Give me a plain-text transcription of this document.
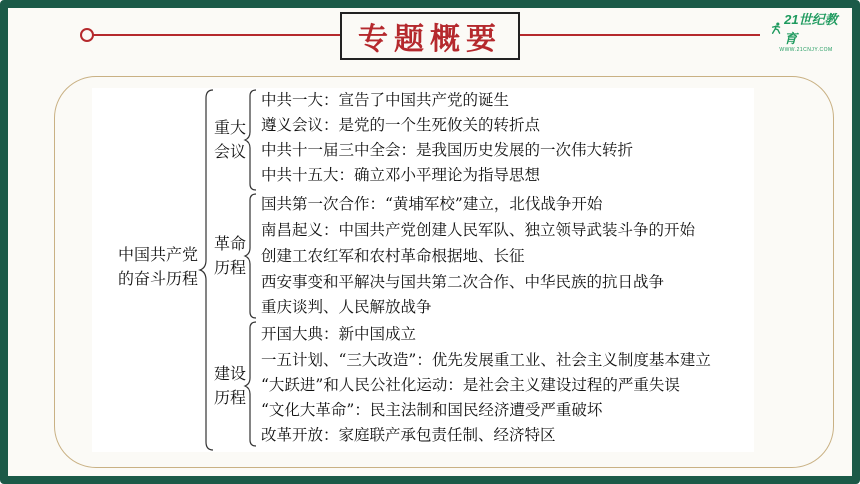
专题概要
21世纪教育
WWW.21CNJY.COM
中国共产党
的奋斗历程
重大
会议
中共一大：宣告了中国共产党的诞生
遵义会议：是党的一个生死攸关的转折点
中共十一届三中全会：是我国历史发展的一次伟大转折
中共十五大：确立邓小平理论为指导思想
革命
历程
国共第一次合作：“黄埔军校”建立，北伐战争开始
南昌起义：中国共产党创建人民军队、独立领导武装斗争的开始
创建工农红军和农村革命根据地、长征
西安事变和平解决与国共第二次合作、中华民族的抗日战争
重庆谈判、人民解放战争
建设
历程
开国大典：新中国成立
一五计划、“三大改造”：优先发展重工业、社会主义制度基本建立
“大跃进”和人民公社化运动：是社会主义建设过程的严重失误
“文化大革命”：民主法制和国民经济遭受严重破坏
改革开放：家庭联产承包责任制、经济特区
